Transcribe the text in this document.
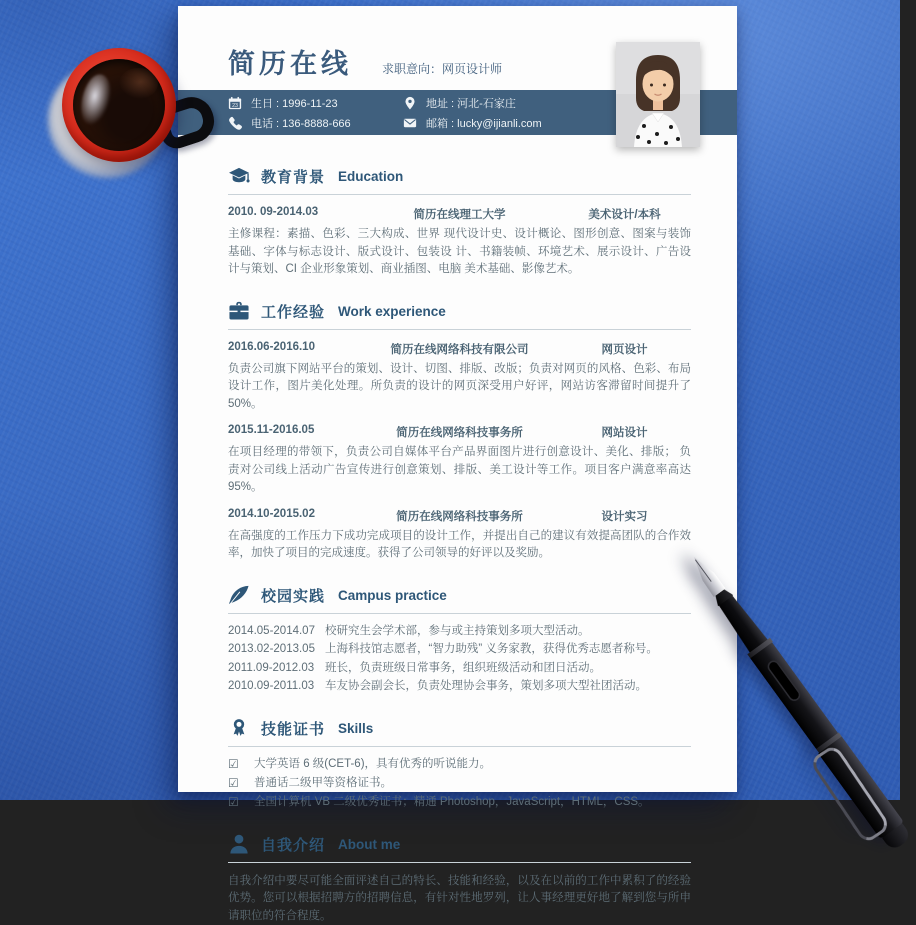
简历在线	求职意向：网页设计师
23 生日 : 1996-11-23	地址 : 河北-石家庄
电话 : 136-8888-666	邮箱 : lucky@ijianli.com
教育背景 Education
2010. 09-2014.03	简历在线理工大学	美术设计/本科

主修课程：素描、色彩、三大构成、世界 现代设计史、设计概论、图形创意、图案与装饰基础、字体与标志设计、版式设计、包装设 计、书籍装帧、环境艺术、展示设计、广告设计与策划、CI 企业形象策划、商业插图、电脑 美术基础、影像艺术。

工作经验 Work experience
2016.06-2016.10	简历在线网络科技有限公司	网页设计

负责公司旗下网站平台的策划、设计、切图、排版、改版；负责对网页的风格、色彩、布局设计工作，图片美化处理。所负责的设计的网页深受用户好评，网站访客滞留时间提升了 50%。

2015.11-2016.05	简历在线网络科技事务所	网站设计

在项目经理的带领下，负责公司自媒体平台产品界面图片进行创意设计、美化、排版； 负责对公司线上活动广告宣传进行创意策划、排版、美工设计等工作。项目客户满意率高达 95%。

2014.10-2015.02	简历在线网络科技事务所	设计实习

在高强度的工作压力下成功完成项目的设计工作，并提出自己的建议有效提高团队的合作效率，加快了项目的完成速度。获得了公司领导的好评以及奖励。

校园实践 Campus practice
2014.05-2014.07 校研究生会学术部，参与或主持策划多项大型活动。
2013.02-2013.05 上海科技馆志愿者，“智力助残” 义务家教，获得优秀志愿者称号。
2011.09-2012.03 班长，负责班级日常事务，组织班级活动和团日活动。
2010.09-2011.03 车友协会副会长，负责处理协会事务，策划多项大型社团活动。
技能证书 Skills
☑	大学英语 6 级(CET-6)，具有优秀的听说能力。
☑	普通话二级甲等资格证书。
☑	全国计算机 VB 二级优秀证书；精通 Photoshop，JavaScript，HTML，CSS。
自我介绍 About me

自我介绍中要尽可能全面评述自己的特长、技能和经验，以及在以前的工作中累积了的经验优势。您可以根据招聘方的招聘信息，有针对性地罗列，让人事经理更好地了解到您与所申请职位的符合程度。
